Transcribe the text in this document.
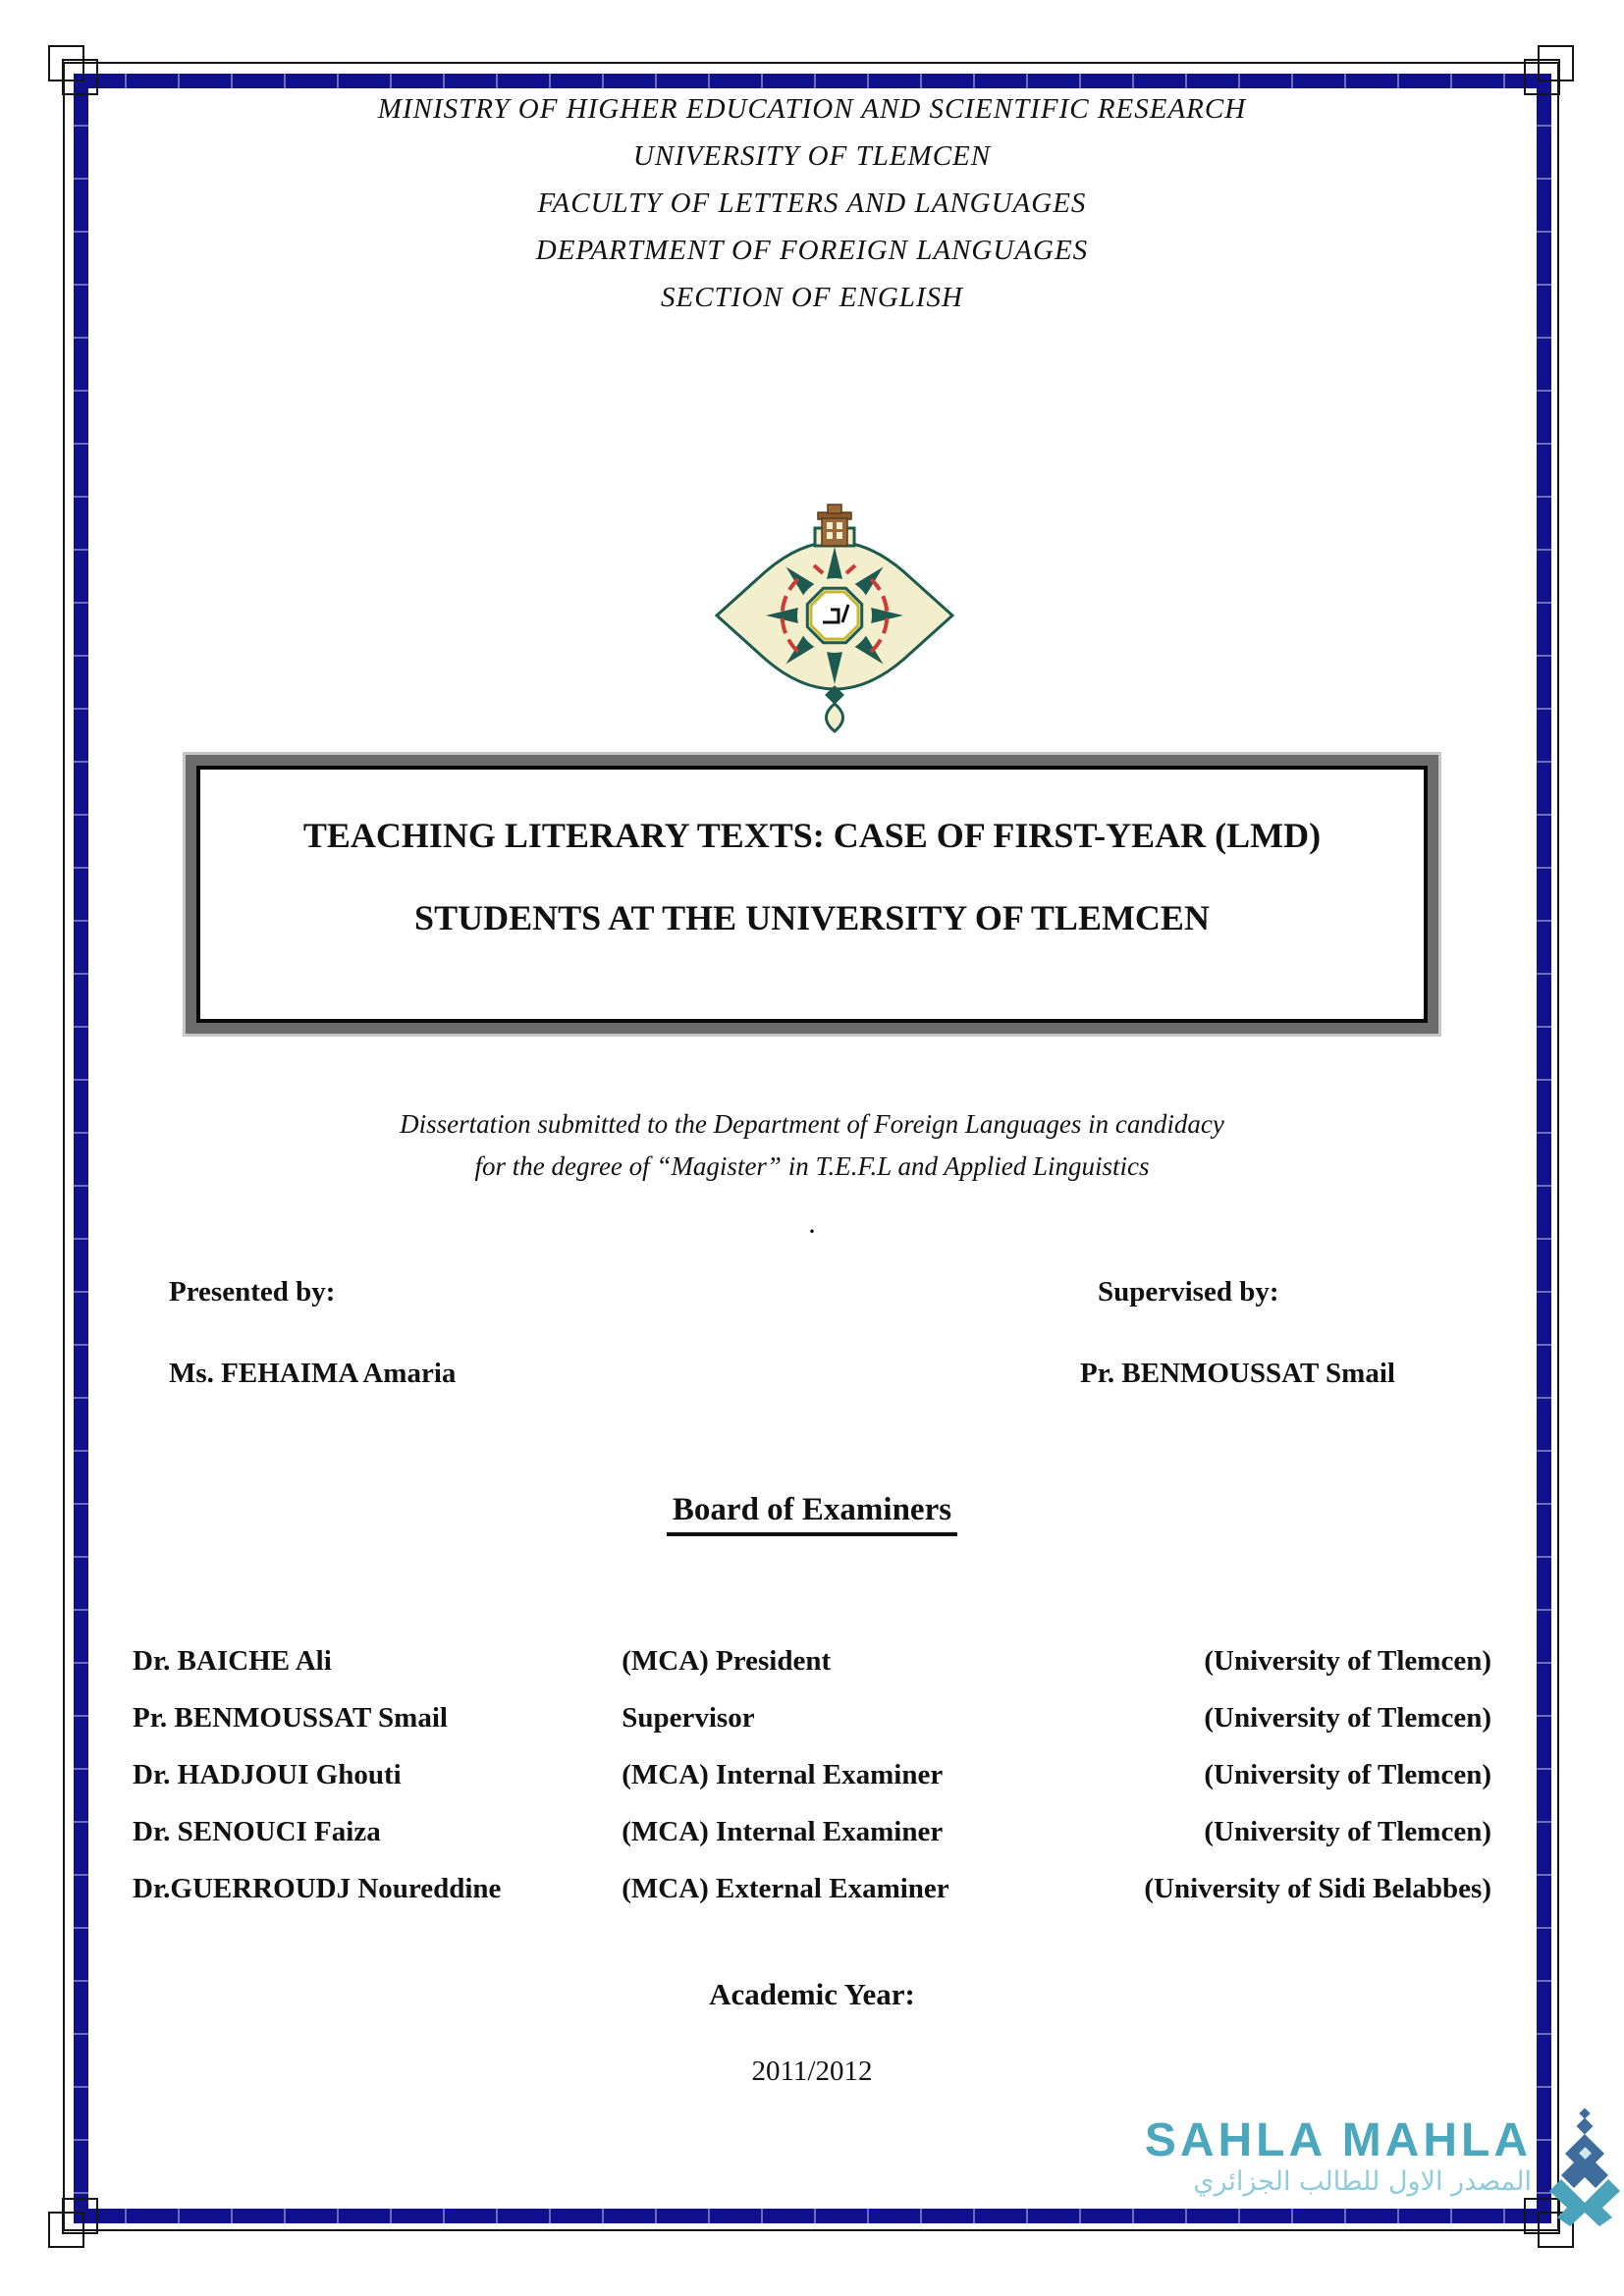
MINISTRY OF HIGHER EDUCATION AND SCIENTIFIC RESEARCH

UNIVERSITY OF TLEMCEN

FACULTY OF LETTERS AND LANGUAGES

DEPARTMENT OF FOREIGN LANGUAGES

SECTION OF ENGLISH

TEACHING LITERARY TEXTS: CASE OF FIRST-YEAR (LMD)

STUDENTS AT THE UNIVERSITY OF TLEMCEN

Dissertation submitted to the Department of Foreign Languages in candidacy

for the degree of “Magister” in T.E.F.L and Applied Linguistics

.

Presented by:

Ms. FEHAIMA Amaria

Supervised by:

Pr. BENMOUSSAT Smail

Board of Examiners

Dr. BAICHE Ali	(MCA) President	(University of Tlemcen)
Pr. BENMOUSSAT Smail	Supervisor	(University of Tlemcen)
Dr. HADJOUI Ghouti	(MCA) Internal Examiner	(University of Tlemcen)
Dr. SENOUCI Faiza	(MCA) Internal Examiner	(University of Tlemcen)
Dr.GUERROUDJ Noureddine	(MCA) External Examiner	(University of Sidi Belabbes)

Academic Year:

2011/2012

SAHLA MAHLA

المصدر الاول للطالب الجزائري
